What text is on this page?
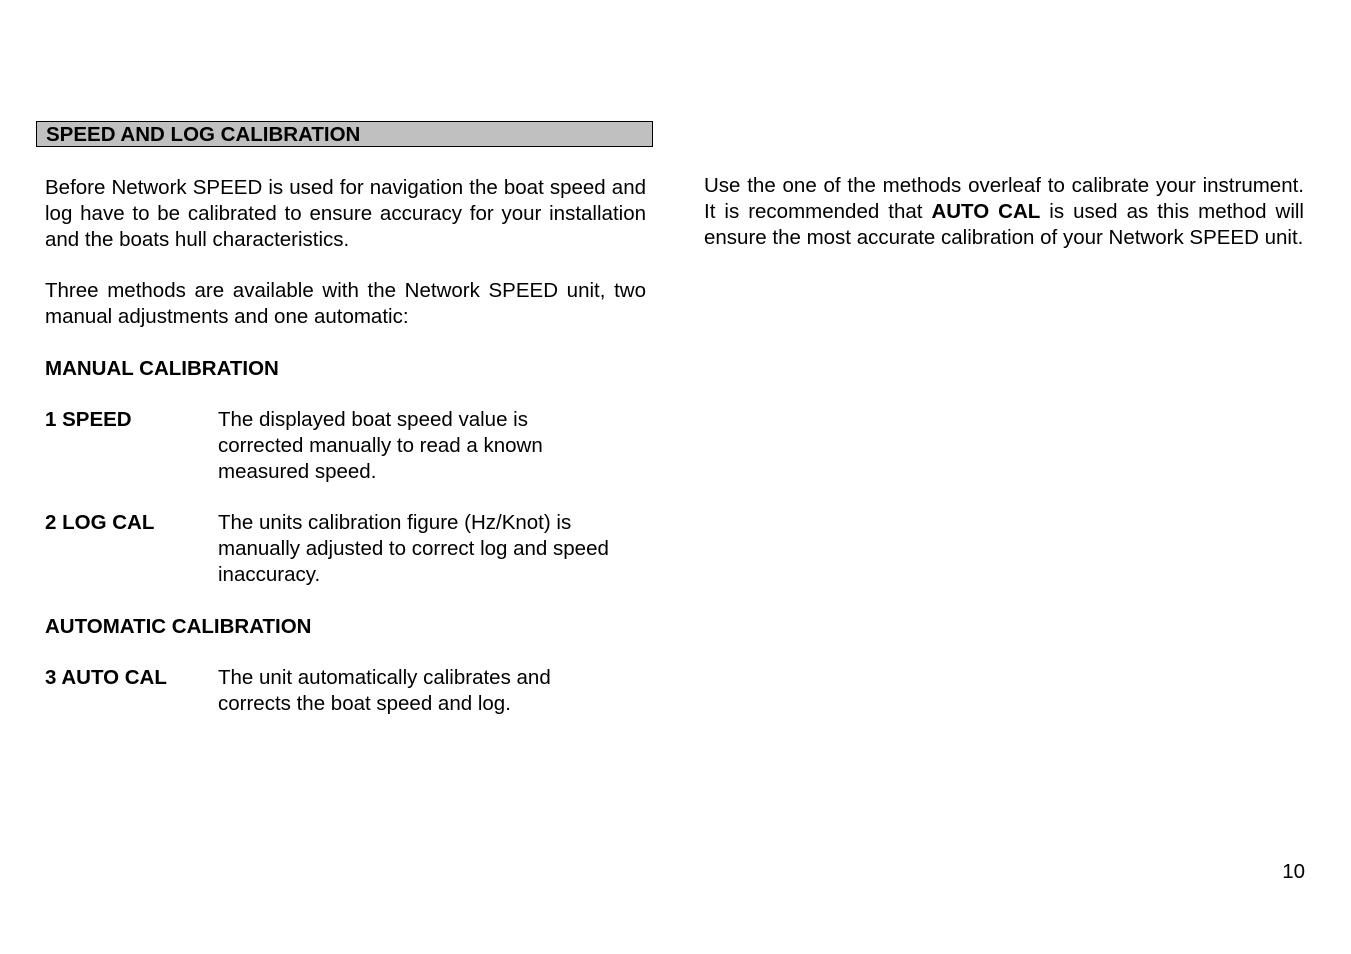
SPEED AND LOG CALIBRATION

Before Network SPEED is used for navigation the boat speed and log have to be calibrated to ensure accuracy for your installation and the boats hull characteristics.

Three methods are available with the Network SPEED unit, two manual adjustments and one automatic:

MANUAL CALIBRATION

1 SPEED	The displayed boat speed value is corrected manually to read a known measured speed.

2 LOG CAL	The units calibration figure (Hz/Knot) is manually adjusted to correct log and speed inaccuracy.

AUTOMATIC CALIBRATION

3 AUTO CAL The unit automatically calibrates and corrects the boat speed and log.

Use the one of the methods overleaf to calibrate your instrument. It is recommended that AUTO CAL is used as this method will ensure the most accurate calibration of your Network SPEED unit.

10
